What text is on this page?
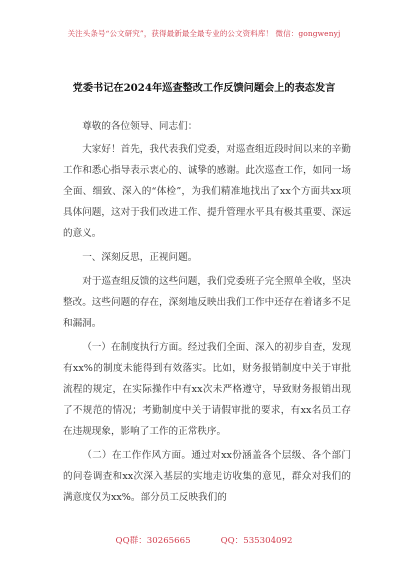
关注头条号“公文研究”，获得最新最全最专业的公文资料库！ 微信：gongwenyj
党委书记在2024年巡查整改工作反馈问题会上的表态发言

尊敬的各位领导、同志们：

大家好！首先，我代表我们党委，对巡查组近段时间以来的辛勤工作和悉心指导表示衷心的、诚挚的感谢。此次巡查工作，如同一场全面、细致、深入的“体检”，为我们精准地找出了xx个方面共xx项具体问题，这对于我们改进工作、提升管理水平具有极其重要、深远的意义。

一、深刻反思，正视问题。

对于巡查组反馈的这些问题，我们党委班子完全照单全收，坚决整改。这些问题的存在，深刻地反映出我们工作中还存在着诸多不足和漏洞。

（一）在制度执行方面。经过我们全面、深入的初步自查，发现有xx%的制度未能得到有效落实。比如，财务报销制度中关于审批流程的规定，在实际操作中有xx次未严格遵守，导致财务报销出现了不规范的情况；考勤制度中关于请假审批的要求，有xx名员工存在违规现象，影响了工作的正常秩序。

（二）在工作作风方面。通过对xx份涵盖各个层级、各个部门的问卷调查和xx次深入基层的实地走访收集的意见，群众对我们的满意度仅为xx%。部分员工反映我们的

QQ群：30265665	QQ：535304092
